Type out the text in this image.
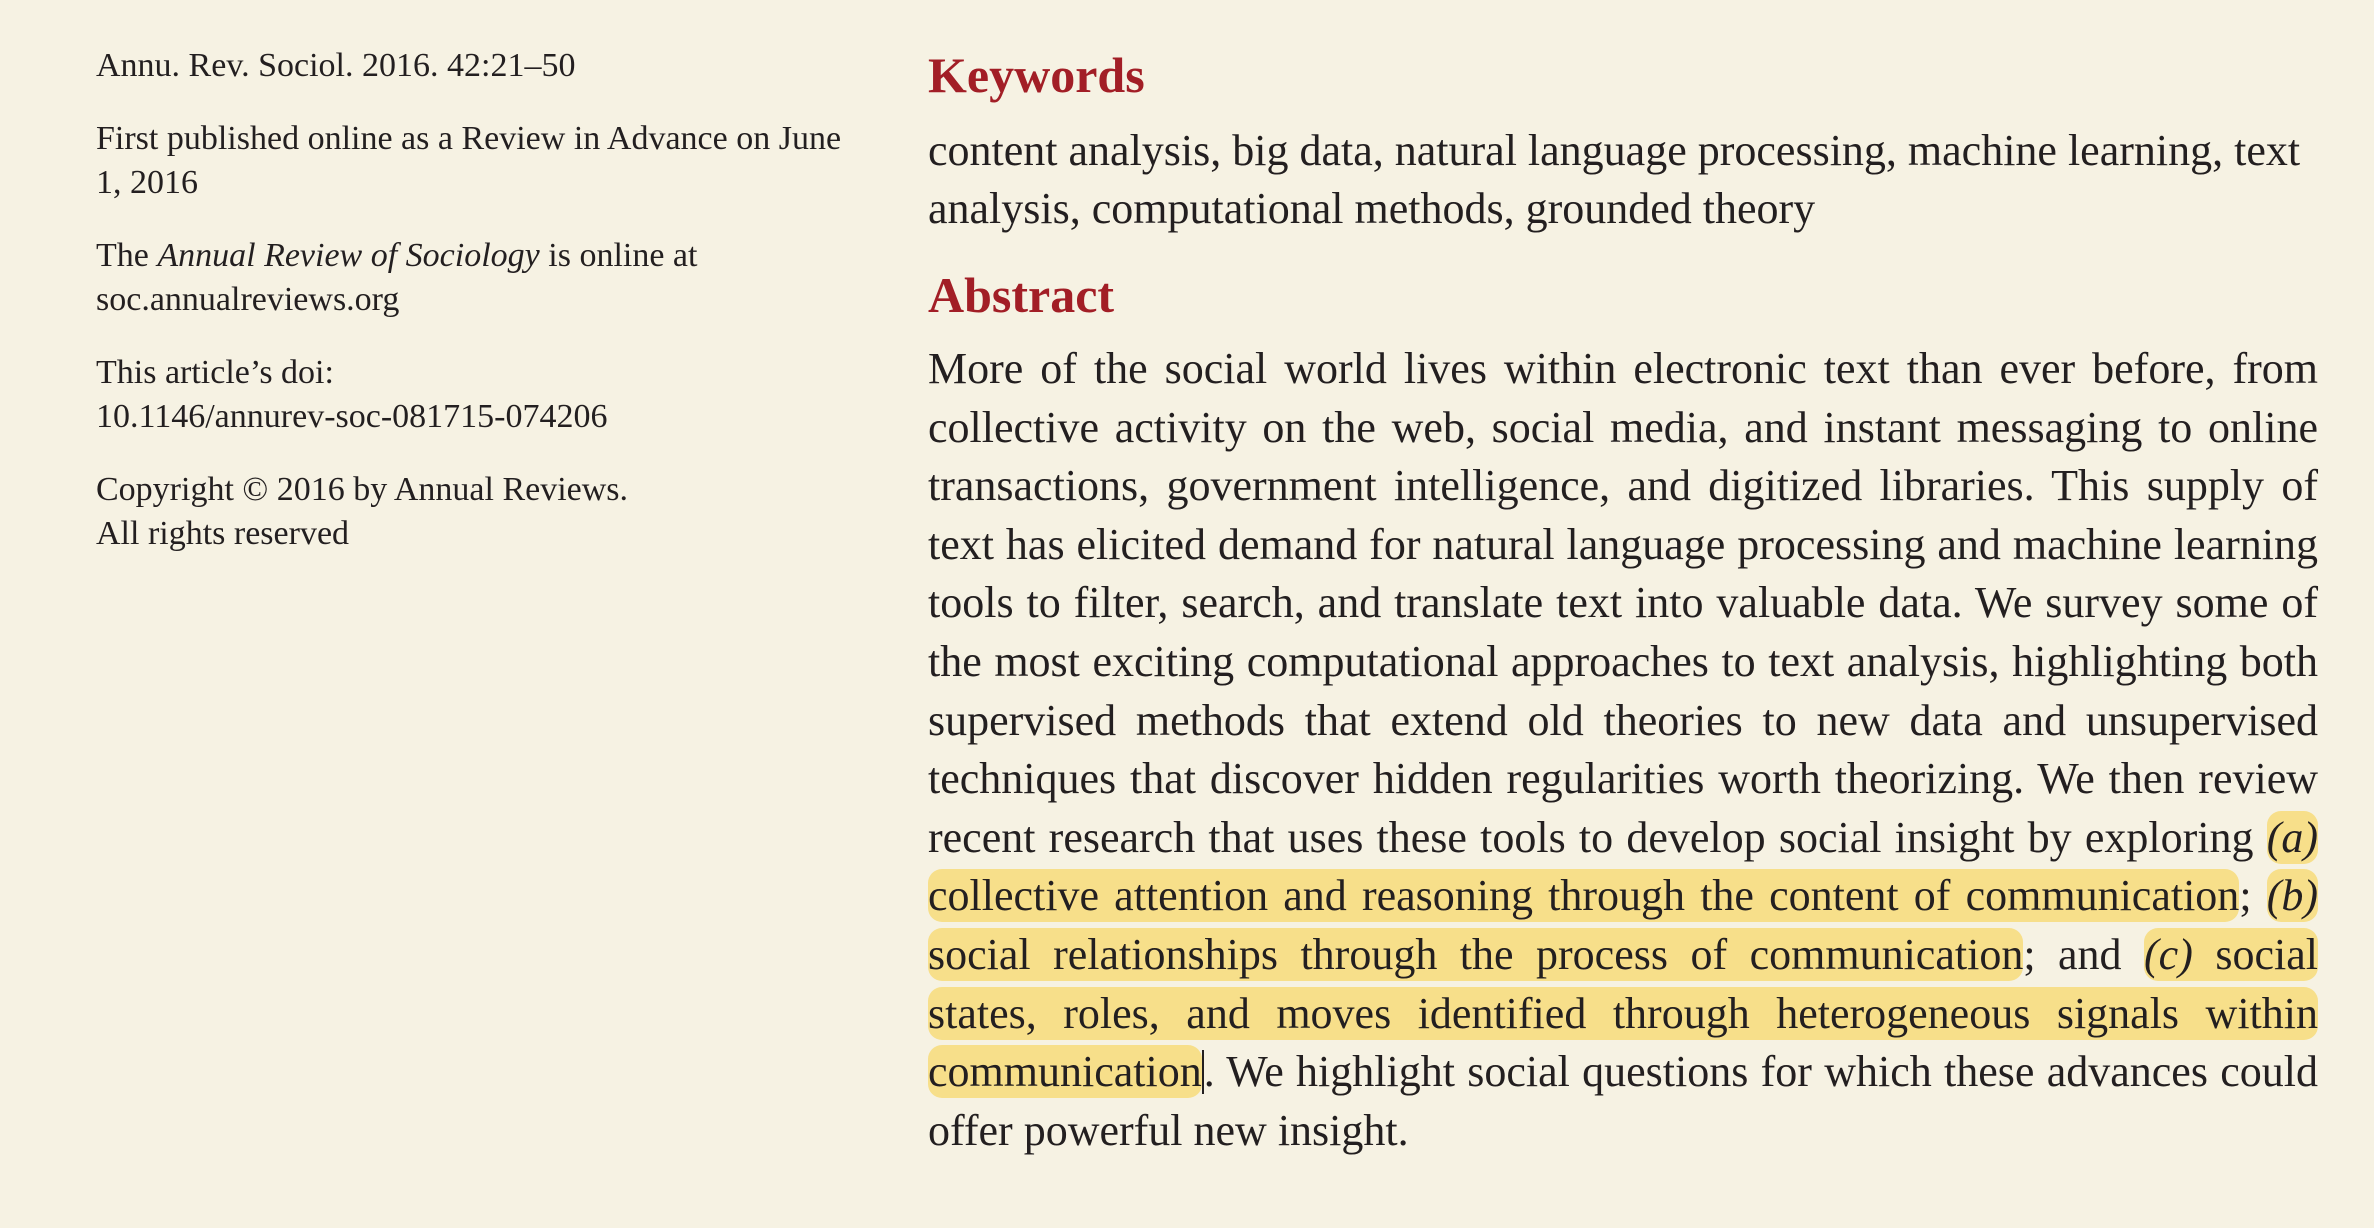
Annu. Rev. Sociol. 2016. 42:21–50

First published online as a Review in Advance on June 1, 2016

The Annual Review of Sociology is online at soc.annualreviews.org

This article’s doi:
10.1146/annurev-soc-081715-074206

Copyright © 2016 by Annual Reviews.
All rights reserved

Keywords

content analysis, big data, natural language processing, machine learning, text analysis, computational methods, grounded theory

Abstract

More of the social world lives within electronic text than ever before, from collective activity on the web, social media, and instant messaging to online transactions, government intelligence, and digitized libraries. This supply of text has elicited demand for natural language processing and machine learning tools to filter, search, and translate text into valuable data. We survey some of the most exciting computational approaches to text analysis, highlighting both supervised methods that extend old theories to new data and unsupervised techniques that discover hidden regularities worth theorizing. We then review recent research that uses these tools to develop social insight by exploring (a) collective attention and reasoning through the content of communication; (b) social relationships through the process of communication; and (c) social states, roles, and moves identified through heterogeneous signals within communication. We highlight social questions for which these advances could offer powerful new insight.
